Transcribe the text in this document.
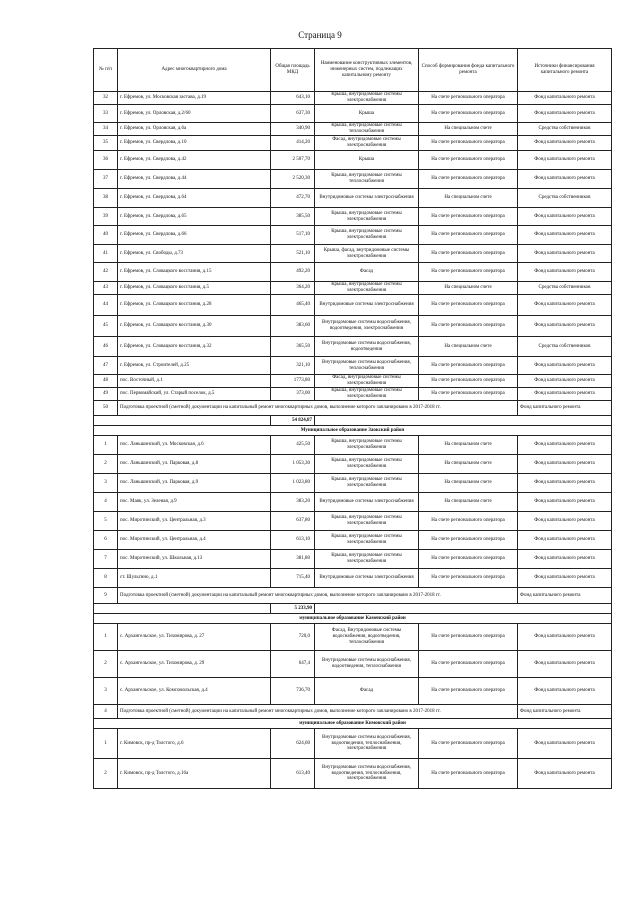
Страница 9
№ п/п	Адрес многоквартирного дома	Общая площадь МКД	Наименование конструктивных элементов, инженерных систем, подлежащих капитальному ремонту	Способ формирования фонда капитального ремонта	Источники финансирования капитального ремонта
32	г. Ефремов, ул. Московская застава, д.19	643,10	Крыша, внутридомовые системы электроснабжения	На счете регионального оператора	Фонд капитального ремонта
33	г. Ефремов, ул. Орловская, д.2/60	637,30	Крыша	На счете регионального оператора	Фонд капитального ремонта
34	г. Ефремов, ул. Орловская, д.6а	340,90	Крыша, внутридомовые системы теплоснабжения	На специальном счете	Средства собственников
35	г. Ефремов, ул. Свердлова, д.10	414,20	Фасад, внутридомовые системы электроснабжения	На счете регионального оператора	Фонд капитального ремонта
36	г. Ефремов, ул. Свердлова, д.42	2 507,70	Крыша	На счете регионального оператора	Фонд капитального ремонта
37	г. Ефремов, ул. Свердлова, д.44	2 520,30	Крыша, внутридомовые системы теплоснабжения	На счете регионального оператора	Фонд капитального ремонта
38	г. Ефремов, ул. Свердлова, д.64	472,70	Внутридомовые системы электроснабжения	На специальном счете	Средства собственников
39	г. Ефремов, ул. Свердлова, д.65	385,50	Крыша, внутридомовые системы электроснабжения	На счете регионального оператора	Фонд капитального ремонта
40	г. Ефремов, ул. Свердлова, д.66	517,10	Крыша, внутридомовые системы электроснабжения	На счете регионального оператора	Фонд капитального ремонта
41	г. Ефремов, ул. Свободы, д.73	521,10	Крыша, фасад, внутридомовые системы электроснабжения	На счете регионального оператора	Фонд капитального ремонта
42	г. Ефремов, ул. Словацкого восстания, д.15	492,20	Фасад	На счете регионального оператора	Фонд капитального ремонта
43	г. Ефремов, ул. Словацкого восстания, д.5	364,20	Крыша, внутридомовые системы электроснабжения	На специальном счете	Средства собственников
44	г. Ефремов, ул. Словацкого восстания, д.28	465,40	Внутридомовые системы электроснабжения	На счете регионального оператора	Фонд капитального ремонта
45	г. Ефремов, ул. Словацкого восстания, д.30	383,60	Внутридомовые системы водоснабжения, водоотведения, электроснабжения	На счете регионального оператора	Фонд капитального ремонта
46	г. Ефремов, ул. Словацкого восстания, д.32	365,50	Внутридомовые системы водоснабжения, водоотведения	На специальном счете	Средства собственников
47	г. Ефремов, ул. Строителей, д.25	321,10	Внутридомовые системы водоснабжения, теплоснабжения	На счете регионального оператора	Фонд капитального ремонта
48	пос. Восточный, д.1	1773,80	Фасад, внутридомовые системы электроснабжения	На счете регионального оператора	Фонд капитального ремонта
49	пос. Первомайский, ул. Старый поселок, д.5	373,00	Крыша, внутридомовые системы электроснабжения	На счете регионального оператора	Фонд капитального ремонта
50	Подготовка проектной (сметной) документации на капитальный ремонт многоквартирных домов, выполнение которого запланировано в 2017-2018 гг.				Фонд капитального ремонта
		54 824,87			
Муниципальное образование Заокский район					
1	пос. Ланьшинский, ул. Московская, д.6	425,50	Крыша, внутридомовые системы электроснабжения	На специальном счете	Фонд капитального ремонта
2	пос. Ланьшинский, ул. Парковая, д.8	1 053,30	Крыша, внутридомовые системы электроснабжения	На специальном счете	Фонд капитального ремонта
3	пос. Ланьшинский, ул. Парковая, д.9	1 023,80	Крыша, внутридомовые системы электроснабжения	На специальном счете	Фонд капитального ремонта
4	пос. Маяк, ул. Зеленая, д.9	383,20	Внутридомовые системы электроснабжения	На специальном счете	Фонд капитального ремонта
5	пос. Миротинский, ул. Центральная, д.3	637,80	Крыша, внутридомовые системы электроснабжения	На счете регионального оператора	Фонд капитального ремонта
6	пос. Миротинский, ул. Центральная, д.4	613,10	Крыша, внутридомовые системы электроснабжения	На счете регионального оператора	Фонд капитального ремонта
7	пос. Миротинский, ул. Школьная, д.13	381,80	Крыша, внутридомовые системы электроснабжения	На счете регионального оператора	Фонд капитального ремонта
8	ст. Шульгино, д.1	715,40	Внутридомовые системы электроснабжения	На счете регионального оператора	Фонд капитального ремонта
9	Подготовка проектной (сметной) документации на капитальный ремонт многоквартирных домов, выполнение которого запланировано в 2017-2018 гг.				Фонд капитального ремонта
		5 233,90			
муниципальное образование Каменский район					
1	с. Архангельское, ул. Тихомирова, д. 27	720,0	Фасад, Внутридомовые системы водоснабжения, водоотведения, теплоснабжения	На счете регионального оператора	Фонд капитального ремонта
2	с. Архангельское, ул. Тихомирова, д. 29	647,4	Внутридомовые системы водоснабжения, водоотведения, теплоснабжения	На счете регионального оператора	Фонд капитального ремонта
3	с. Архангельское, ул. Комсомольская, д.4	736,70	Фасад	На счете регионального оператора	Фонд капитального ремонта
4	Подготовка проектной (сметной) документации на капитальный ремонт многоквартирных домов, выполнение которого запланировано в 2017-2018 гг.				Фонд капитального ремонта
муниципальное образование Кимовский район					
1	г. Кимовск, пр-д Толстого, д.6	624,60	Внутридомовые системы водоснабжения, водоотведения, теплоснабжения, электроснабжения	На счете регионального оператора	Фонд капитального ремонта
2	г. Кимовск, пр-д Толстого, д.16а	613,40	Внутридомовые системы водоснабжения, водоотведения, теплоснабжения, электроснабжения	На счете регионального оператора	Фонд капитального ремонта
